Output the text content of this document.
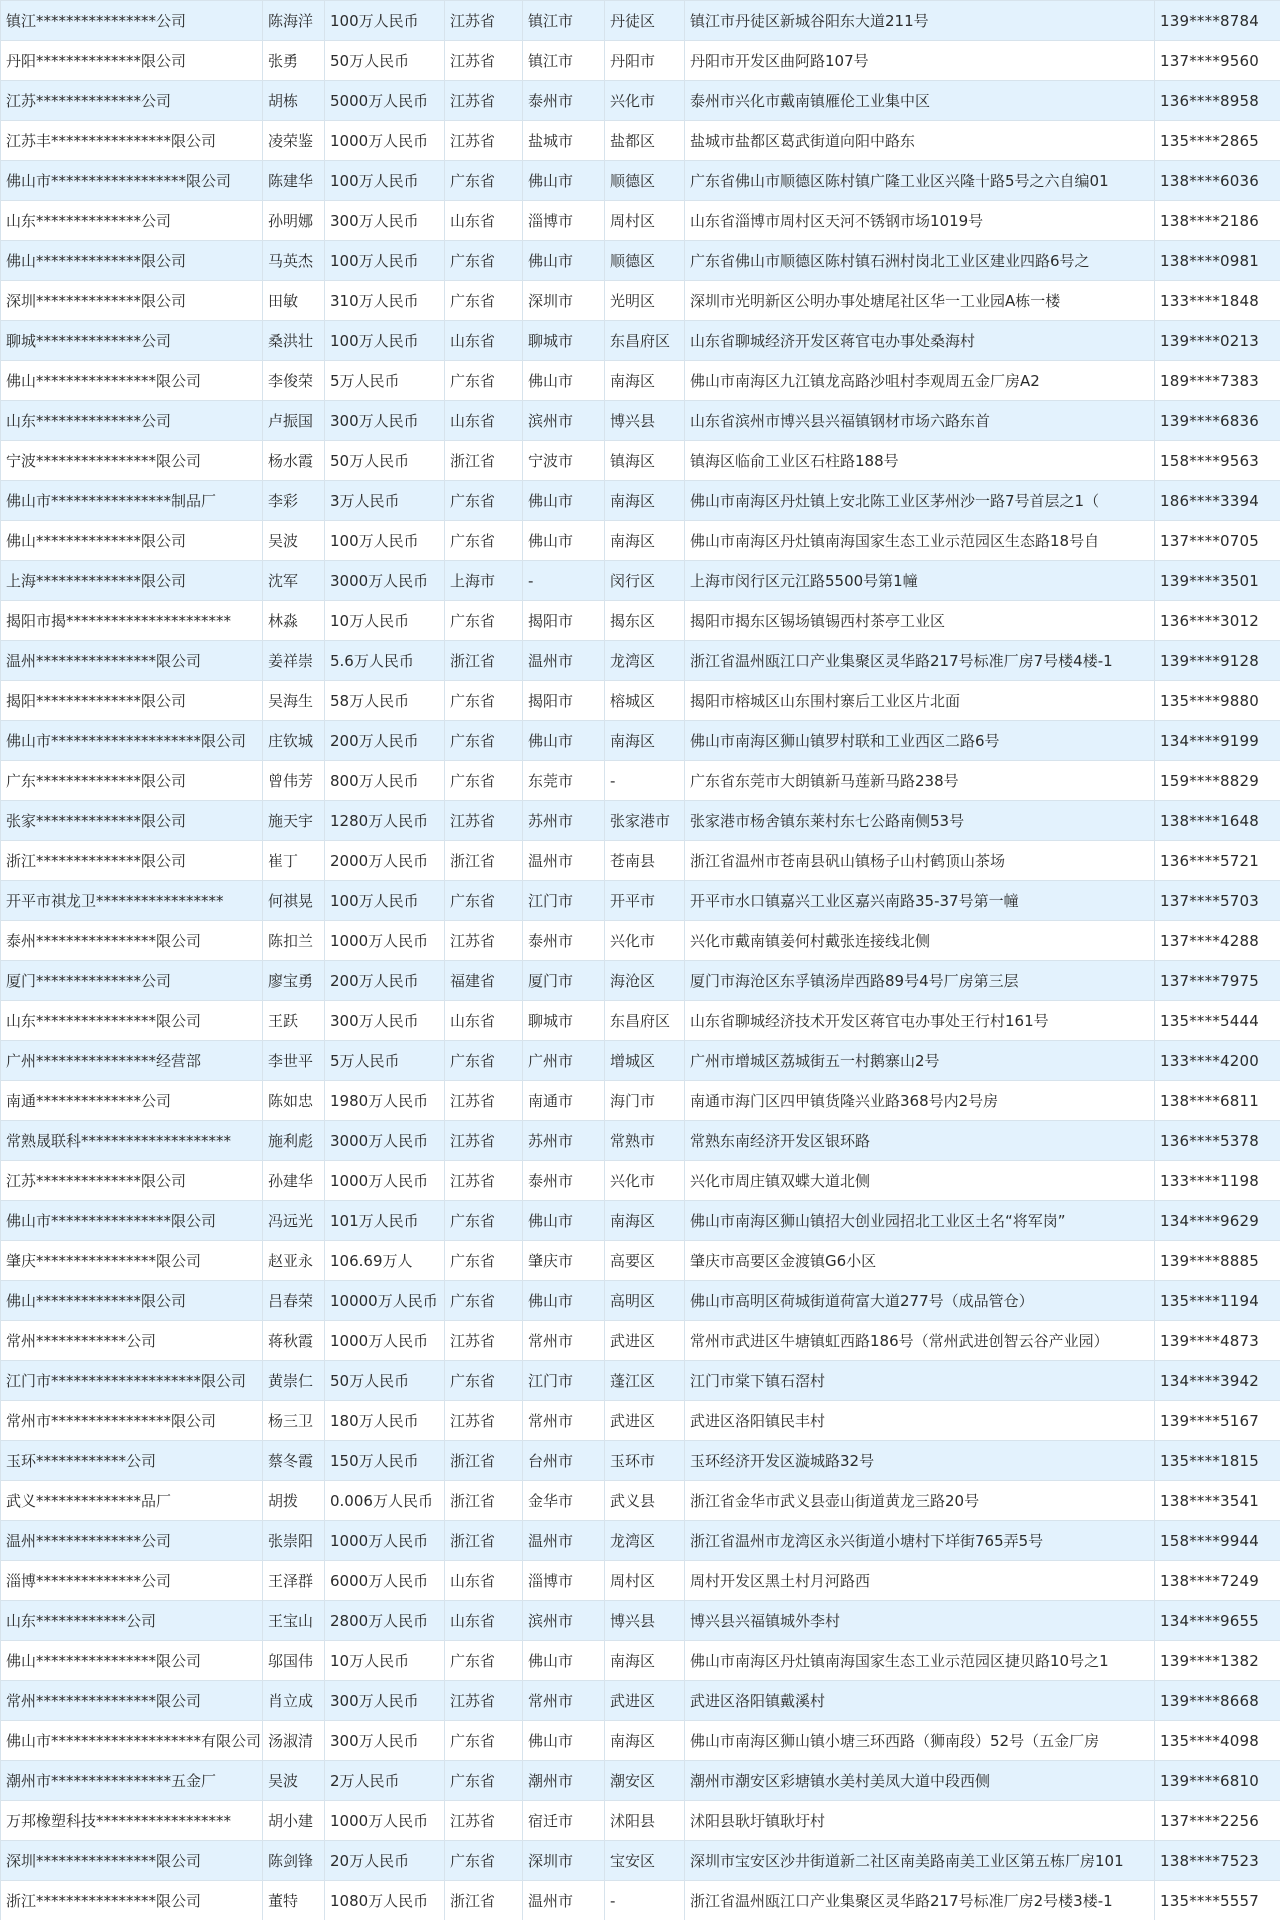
镇江****************公司	陈海洋	100万人民币	江苏省	镇江市	丹徒区	镇江市丹徒区新城谷阳东大道211号	139****8784
丹阳**************限公司	张勇	50万人民币	江苏省	镇江市	丹阳市	丹阳市开发区曲阿路107号	137****9560
江苏**************公司	胡栋	5000万人民币	江苏省	泰州市	兴化市	泰州市兴化市戴南镇雁伦工业集中区	136****8958
江苏丰****************限公司	凌荣鉴	1000万人民币	江苏省	盐城市	盐都区	盐城市盐都区葛武街道向阳中路东	135****2865
佛山市******************限公司	陈建华	100万人民币	广东省	佛山市	顺德区	广东省佛山市顺德区陈村镇广隆工业区兴隆十路5号之六自编01	138****6036
山东**************公司	孙明娜	300万人民币	山东省	淄博市	周村区	山东省淄博市周村区天河不锈钢市场1019号	138****2186
佛山**************限公司	马英杰	100万人民币	广东省	佛山市	顺德区	广东省佛山市顺德区陈村镇石洲村岗北工业区建业四路6号之	138****0981
深圳**************限公司	田敏	310万人民币	广东省	深圳市	光明区	深圳市光明新区公明办事处塘尾社区华一工业园A栋一楼	133****1848
聊城**************公司	桑洪壮	100万人民币	山东省	聊城市	东昌府区	山东省聊城经济开发区蒋官屯办事处桑海村	139****0213
佛山****************限公司	李俊荣	5万人民币	广东省	佛山市	南海区	佛山市南海区九江镇龙高路沙咀村李观周五金厂房A2	189****7383
山东**************公司	卢振国	300万人民币	山东省	滨州市	博兴县	山东省滨州市博兴县兴福镇钢材市场六路东首	139****6836
宁波****************限公司	杨水霞	50万人民币	浙江省	宁波市	镇海区	镇海区临俞工业区石柱路188号	158****9563
佛山市****************制品厂	李彩	3万人民币	广东省	佛山市	南海区	佛山市南海区丹灶镇上安北陈工业区茅州沙一路7号首层之1（	186****3394
佛山**************限公司	吴波	100万人民币	广东省	佛山市	南海区	佛山市南海区丹灶镇南海国家生态工业示范园区生态路18号自	137****0705
上海**************限公司	沈军	3000万人民币	上海市	-	闵行区	上海市闵行区元江路5500号第1幢	139****3501
揭阳市揭**********************	林淼	10万人民币	广东省	揭阳市	揭东区	揭阳市揭东区锡场镇锡西村茶亭工业区	136****3012
温州****************限公司	姜祥崇	5.6万人民币	浙江省	温州市	龙湾区	浙江省温州瓯江口产业集聚区灵华路217号标准厂房7号楼4楼-1	139****9128
揭阳**************限公司	吴海生	58万人民币	广东省	揭阳市	榕城区	揭阳市榕城区山东围村寨后工业区片北面	135****9880
佛山市********************限公司	庄钦城	200万人民币	广东省	佛山市	南海区	佛山市南海区狮山镇罗村联和工业西区二路6号	134****9199
广东**************限公司	曾伟芳	800万人民币	广东省	东莞市	-	广东省东莞市大朗镇新马莲新马路238号	159****8829
张家**************限公司	施天宇	1280万人民币	江苏省	苏州市	张家港市	张家港市杨舍镇东莱村东七公路南侧53号	138****1648
浙江**************限公司	崔丁	2000万人民币	浙江省	温州市	苍南县	浙江省温州市苍南县矾山镇杨子山村鹤顶山茶场	136****5721
开平市祺龙卫*****************	何祺晃	100万人民币	广东省	江门市	开平市	开平市水口镇嘉兴工业区嘉兴南路35-37号第一幢	137****5703
泰州****************限公司	陈扣兰	1000万人民币	江苏省	泰州市	兴化市	兴化市戴南镇姜何村戴张连接线北侧	137****4288
厦门**************公司	廖宝勇	200万人民币	福建省	厦门市	海沧区	厦门市海沧区东孚镇汤岸西路89号4号厂房第三层	137****7975
山东****************限公司	王跃	300万人民币	山东省	聊城市	东昌府区	山东省聊城经济技术开发区蒋官屯办事处王行村161号	135****5444
广州****************经营部	李世平	5万人民币	广东省	广州市	增城区	广州市增城区荔城街五一村鹅寨山2号	133****4200
南通**************公司	陈如忠	1980万人民币	江苏省	南通市	海门市	南通市海门区四甲镇货隆兴业路368号内2号房	138****6811
常熟晟联科********************	施利彪	3000万人民币	江苏省	苏州市	常熟市	常熟东南经济开发区银环路	136****5378
江苏**************限公司	孙建华	1000万人民币	江苏省	泰州市	兴化市	兴化市周庄镇双蝶大道北侧	133****1198
佛山市****************限公司	冯远光	101万人民币	广东省	佛山市	南海区	佛山市南海区狮山镇招大创业园招北工业区土名“将军岗”	134****9629
肇庆****************限公司	赵亚永	106.69万人	广东省	肇庆市	高要区	肇庆市高要区金渡镇G6小区	139****8885
佛山**************限公司	吕春荣	10000万人民币	广东省	佛山市	高明区	佛山市高明区荷城街道荷富大道277号（成品管仓）	135****1194
常州************公司	蒋秋霞	1000万人民币	江苏省	常州市	武进区	常州市武进区牛塘镇虹西路186号（常州武进创智云谷产业园）	139****4873
江门市********************限公司	黄崇仁	50万人民币	广东省	江门市	蓬江区	江门市棠下镇石滘村	134****3942
常州市****************限公司	杨三卫	180万人民币	江苏省	常州市	武进区	武进区洛阳镇民丰村	139****5167
玉环************公司	蔡冬霞	150万人民币	浙江省	台州市	玉环市	玉环经济开发区漩城路32号	135****1815
武义**************品厂	胡拨	0.006万人民币	浙江省	金华市	武义县	浙江省金华市武义县壶山街道黄龙三路20号	138****3541
温州**************公司	张崇阳	1000万人民币	浙江省	温州市	龙湾区	浙江省温州市龙湾区永兴街道小塘村下垟街765弄5号	158****9944
淄博**************公司	王泽群	6000万人民币	山东省	淄博市	周村区	周村开发区黑土村月河路西	138****7249
山东************公司	王宝山	2800万人民币	山东省	滨州市	博兴县	博兴县兴福镇城外李村	134****9655
佛山****************限公司	邬国伟	10万人民币	广东省	佛山市	南海区	佛山市南海区丹灶镇南海国家生态工业示范园区捷贝路10号之1	139****1382
常州****************限公司	肖立成	300万人民币	江苏省	常州市	武进区	武进区洛阳镇戴溪村	139****8668
佛山市********************有限公司	汤淑清	300万人民币	广东省	佛山市	南海区	佛山市南海区狮山镇小塘三环西路（狮南段）52号（五金厂房	135****4098
潮州市****************五金厂	吴波	2万人民币	广东省	潮州市	潮安区	潮州市潮安区彩塘镇水美村美凤大道中段西侧	139****6810
万邦橡塑科技******************	胡小建	1000万人民币	江苏省	宿迁市	沭阳县	沭阳县耿圩镇耿圩村	137****2256
深圳****************限公司	陈剑锋	20万人民币	广东省	深圳市	宝安区	深圳市宝安区沙井街道新二社区南美路南美工业区第五栋厂房101	138****7523
浙江****************限公司	董特	1080万人民币	浙江省	温州市	-	浙江省温州瓯江口产业集聚区灵华路217号标准厂房2号楼3楼-1	135****5557
